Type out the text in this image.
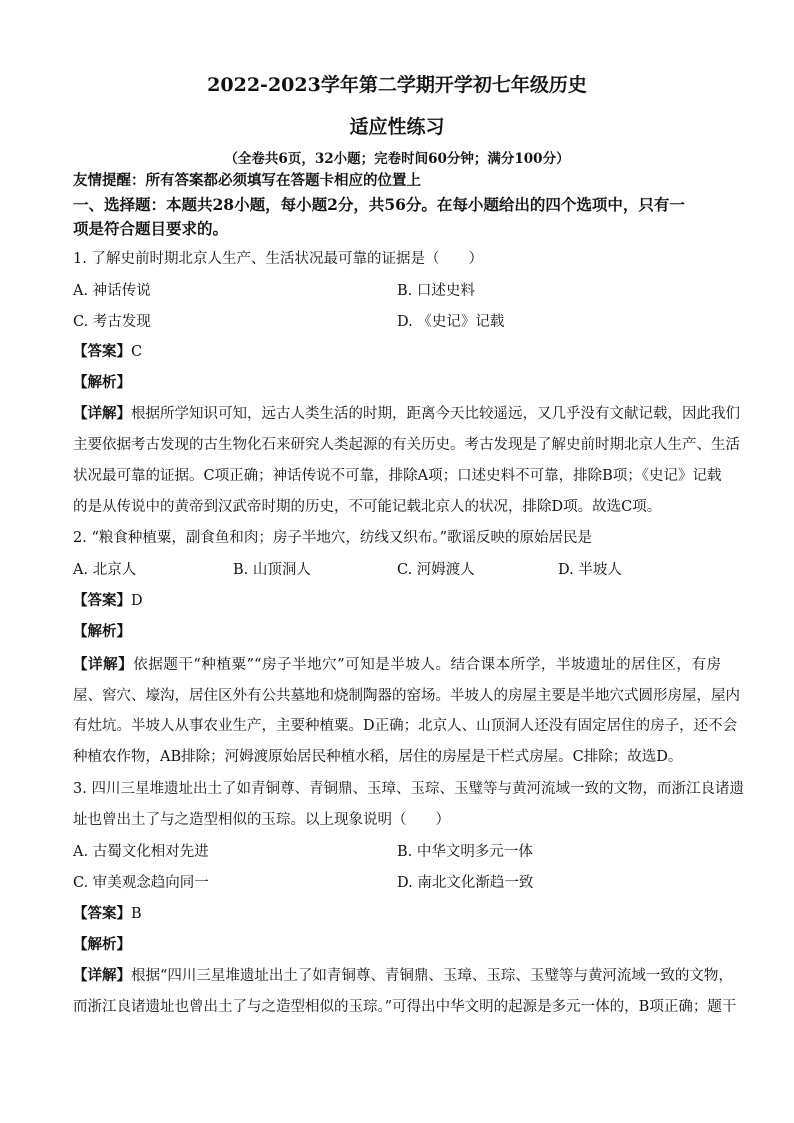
2022-2023学年第二学期开学初七年级历史
适应性练习
（全卷共6页，32小题；完卷时间60分钟；满分100分）
友情提醒：所有答案都必须填写在答题卡相应的位置上
一、选择题：本题共28小题，每小题2分，共56分。在每小题给出的四个选项中，只有一
项是符合题目要求的。
1. 了解史前时期北京人生产、生活状况最可靠的证据是（　　）
A. 神话传说	B. 口述史料
C. 考古发现	D. 《史记》记载
【答案】C
【解析】
【详解】根据所学知识可知，远古人类生活的时期，距离今天比较遥远，又几乎没有文献记载，因此我们
主要依据考古发现的古生物化石来研究人类起源的有关历史。考古发现是了解史前时期北京人生产、生活
状况最可靠的证据。C项正确；神话传说不可靠，排除A项；口述史料不可靠，排除B项；《史记》记载
的是从传说中的黄帝到汉武帝时期的历史，不可能记载北京人的状况，排除D项。故选C项。
2. “粮食种植粟，副食鱼和肉；房子半地穴，纺线又织布。”歌谣反映的原始居民是
A. 北京人	B. 山顶洞人	C. 河姆渡人	D. 半坡人
【答案】D
【解析】
【详解】依据题干“种植粟”“房子半地穴”可知是半坡人。结合课本所学，半坡遗址的居住区，有房
屋、窖穴、壕沟，居住区外有公共墓地和烧制陶器的窑场。半坡人的房屋主要是半地穴式圆形房屋，屋内
有灶坑。半坡人从事农业生产，主要种植粟。D正确；北京人、山顶洞人还没有固定居住的房子，还不会
种植农作物，AB排除；河姆渡原始居民种植水稻，居住的房屋是干栏式房屋。C排除；故选D。
3. 四川三星堆遗址出土了如青铜尊、青铜鼎、玉璋、玉琮、玉璧等与黄河流域一致的文物，而浙江良诸遗
址也曾出土了与之造型相似的玉琮。以上现象说明（　　）
A. 古蜀文化相对先进	B. 中华文明多元一体
C. 审美观念趋向同一	D. 南北文化渐趋一致
【答案】B
【解析】
【详解】根据“四川三星堆遗址出土了如青铜尊、青铜鼎、玉璋、玉琮、玉璧等与黄河流域一致的文物，
而浙江良诸遗址也曾出土了与之造型相似的玉琮。”可得出中华文明的起源是多元一体的，B项正确；题干
